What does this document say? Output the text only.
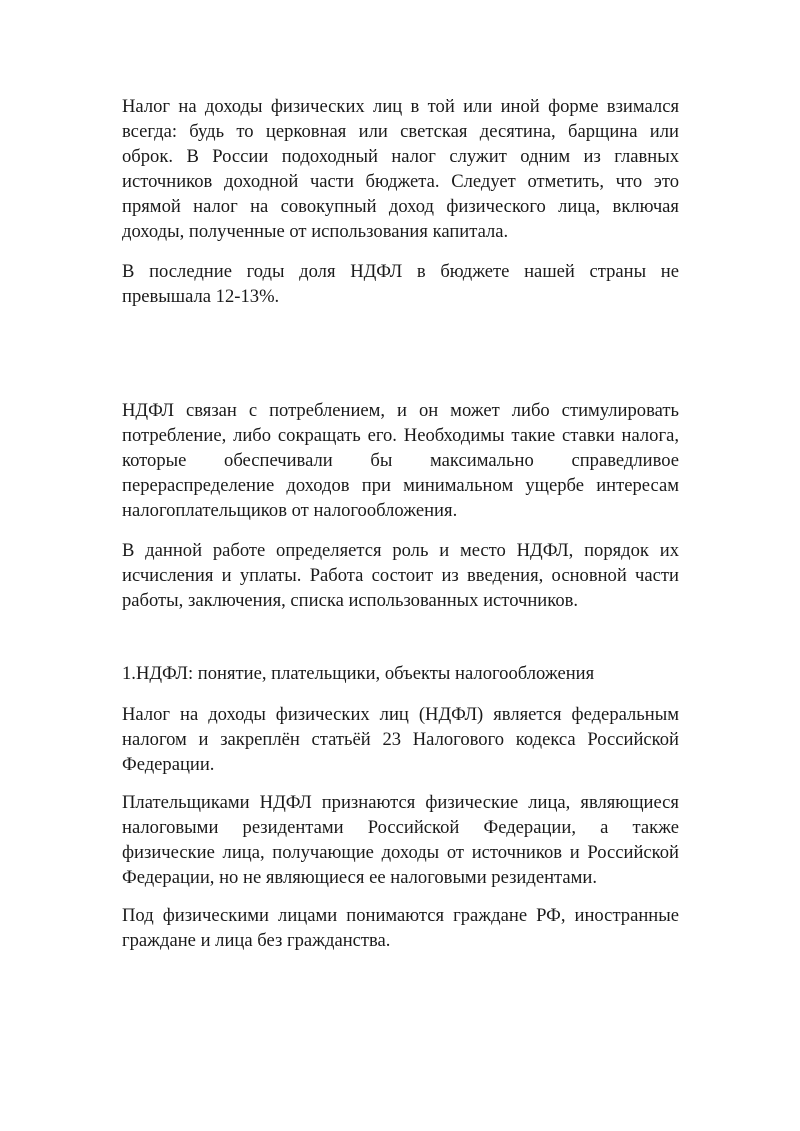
Налог на доходы физических лиц в той или иной форме взимался
всегда: будь то церковная или светская десятина, барщина или
оброк. В России подоходный налог служит одним из главных
источников доходной части бюджета. Следует отметить, что это
прямой налог на совокупный доход физического лица, включая
доходы, полученные от использования капитала.

В последние годы доля НДФЛ в бюджете нашей страны не
превышала 12-13%.

НДФЛ связан с потреблением, и он может либо стимулировать
потребление, либо сокращать его. Необходимы такие ставки налога,
которые обеспечивали бы максимально справедливое
перераспределение доходов при минимальном ущербе интересам
налогоплательщиков от налогообложения.

В данной работе определяется роль и место НДФЛ, порядок их
исчисления и уплаты. Работа состоит из введения, основной части
работы, заключения, списка использованных источников.

1.НДФЛ: понятие, плательщики, объекты налогообложения

Налог на доходы физических лиц (НДФЛ) является федеральным
налогом и закреплён статьёй 23 Налогового кодекса Российской
Федерации.

Плательщиками НДФЛ признаются физические лица, являющиеся
налоговыми резидентами Российской Федерации, а также
физические лица, получающие доходы от источников и Российской
Федерации, но не являющиеся ее налоговыми резидентами.

Под физическими лицами понимаются граждане РФ, иностранные
граждане и лица без гражданства.
